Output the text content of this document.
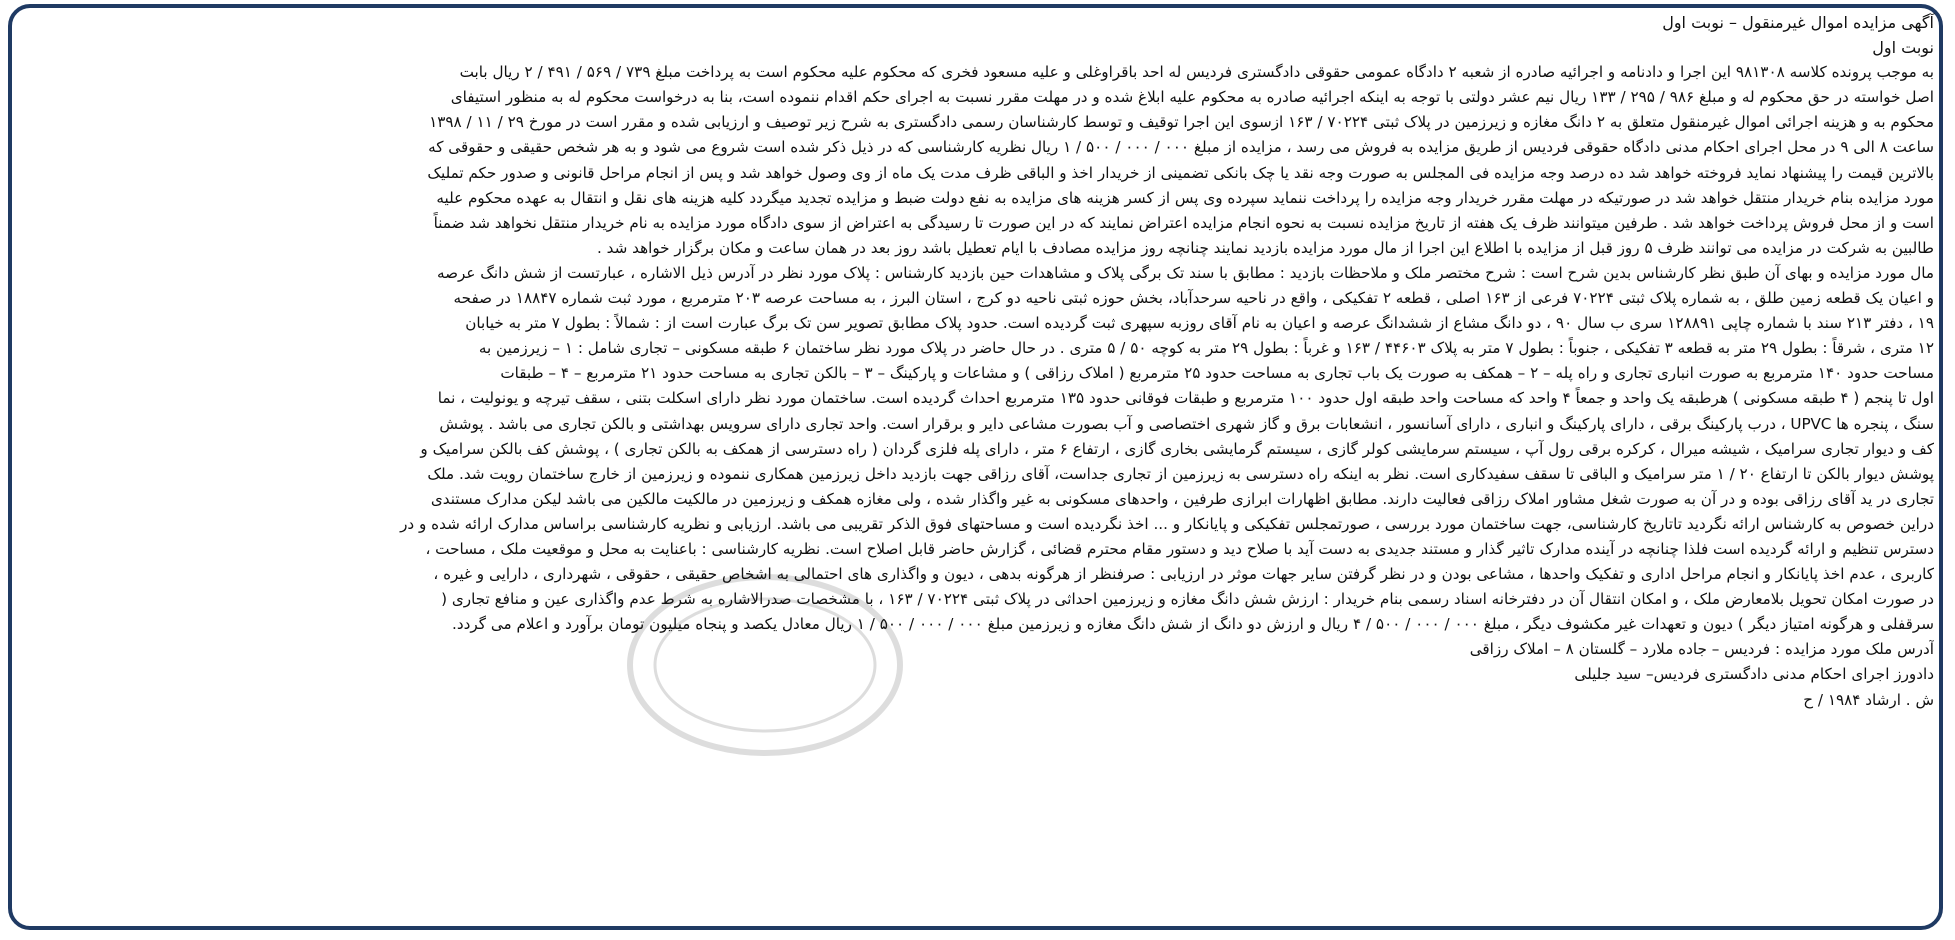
آگهی مزایده اموال غیرمنقول – نوبت اول
نوبت اول
به موجب پرونده کلاسه ۹۸۱۳۰۸ این اجرا و دادنامه و اجرائیه صادره از شعبه ۲ دادگاه عمومی حقوقی دادگستری فردیس له احد باقراوغلی و علیه مسعود فخری که محکوم علیه محکوم است به پرداخت مبلغ ۷۳۹ / ۵۶۹ / ۴۹۱ / ۲ ریال بابت
اصل خواسته در حق محکوم له و مبلغ ۹۸۶ / ۲۹۵ / ۱۳۳ ریال نیم عشر دولتی با توجه به اینکه اجرائیه صادره به محکوم علیه ابلاغ شده و در مهلت مقرر نسبت به اجرای حکم اقدام ننموده است، بنا به درخواست محکوم له به منظور استیفای
محکوم به و هزینه اجرائی اموال غیرمنقول متعلق به ۲ دانگ مغازه و زیرزمین در پلاک ثبتی ۷۰۲۲۴ / ۱۶۳ ازسوی این اجرا توقیف و توسط کارشناسان رسمی دادگستری به شرح زیر توصیف و ارزیابی شده و مقرر است در مورخ ۲۹ / ۱۱ / ۱۳۹۸
ساعت ۸ الی ۹ در محل اجرای احکام مدنی دادگاه حقوقی فردیس از طریق مزایده به فروش می رسد ، مزایده از مبلغ ۰۰۰ / ۰۰۰ / ۵۰۰ / ۱ ریال نظریه کارشناسی که در ذیل ذکر شده است شروع می شود و به هر شخص حقیقی و حقوقی که
بالاترین قیمت را پیشنهاد نماید فروخته خواهد شد ده درصد وجه مزایده فی المجلس به صورت وجه نقد یا چک بانکی تضمینی از خریدار اخذ و الباقی ظرف مدت یک ماه از وی وصول خواهد شد و پس از انجام مراحل قانونی و صدور حکم تملیک
مورد مزایده بنام خریدار منتقل خواهد شد در صورتیکه در مهلت مقرر خریدار وجه مزایده را پرداخت ننماید سپرده وی پس از کسر هزینه های مزایده به نفع دولت ضبط و مزایده تجدید میگردد کلیه هزینه های نقل و انتقال به عهده محکوم علیه
است و از محل فروش پرداخت خواهد شد . طرفین میتوانند ظرف یک هفته از تاریخ مزایده نسبت به نحوه انجام مزایده اعتراض نمایند که در این صورت تا رسیدگی به اعتراض از سوی دادگاه مورد مزایده به نام خریدار منتقل نخواهد شد ضمناً
طالبین به شرکت در مزایده می توانند ظرف ۵ روز قبل از مزایده با اطلاع این اجرا از مال مورد مزایده بازدید نمایند چنانچه روز مزایده مصادف با ایام تعطیل باشد روز بعد در همان ساعت و مکان برگزار خواهد شد .
مال مورد مزایده و بهای آن طبق نظر کارشناس بدین شرح است : شرح مختصر ملک و ملاحظات بازدید : مطابق با سند تک برگی پلاک و مشاهدات حین بازدید کارشناس : پلاک مورد نظر در آدرس ذیل الاشاره ، عبارتست از شش دانگ عرصه
و اعیان یک قطعه زمین طلق ، به شماره پلاک ثبتی ۷۰۲۲۴ فرعی از ۱۶۳ اصلی ، قطعه ۲ تفکیکی ، واقع در ناحیه سرحدآباد، بخش حوزه ثبتی ناحیه دو کرج ، استان البرز ، به مساحت عرصه ۲۰۳ مترمربع ، مورد ثبت شماره ۱۸۸۴۷ در صفحه
۱۹ ، دفتر ۲۱۳ سند با شماره چاپی ۱۲۸۸۹۱ سری ب سال ۹۰ ، دو دانگ مشاع از ششدانگ عرصه و اعیان به نام آقای روزبه سپهری ثبت گردیده است. حدود پلاک مطابق تصویر سن تک برگ عبارت است از : شمالاً : بطول ۷ متر به خیابان
۱۲ متری ، شرقاً : بطول ۲۹ متر به قطعه ۳ تفکیکی ، جنوباً : بطول ۷ متر به پلاک ۴۴۶۰۳ / ۱۶۳ و غرباً : بطول ۲۹ متر به کوچه ۵۰ / ۵ متری . در حال حاضر در پلاک مورد نظر ساختمان ۶ طبقه مسکونی – تجاری شامل : ۱ – زیرزمین به
مساحت حدود ۱۴۰ مترمربع به صورت انباری تجاری و راه پله – ۲ – همکف به صورت یک باب تجاری به مساحت حدود ۲۵ مترمربع ( املاک رزاقی ) و مشاعات و پارکینگ – ۳ – بالکن تجاری به مساحت حدود ۲۱ مترمربع – ۴ – طبقات
اول تا پنجم ( ۴ طبقه مسکونی ) هرطبقه یک واحد و جمعاً ۴ واحد که مساحت واحد طبقه اول حدود ۱۰۰ مترمربع و طبقات فوقانی حدود ۱۳۵ مترمربع احداث گردیده است. ساختمان مورد نظر دارای اسکلت بتنی ، سقف تیرچه و یونولیت ، نما
سنگ ، پنجره ها UPVC ، درب پارکینگ برقی ، دارای پارکینگ و انباری ، دارای آسانسور ، انشعابات برق و گاز شهری اختصاصی و آب بصورت مشاعی دایر و برقرار است. واحد تجاری دارای سرویس بهداشتی و بالکن تجاری می باشد . پوشش
کف و دیوار تجاری سرامیک ، شیشه میرال ، کرکره برقی رول آپ ، سیستم سرمایشی کولر گازی ، سیستم گرمایشی بخاری گازی ، ارتفاع ۶ متر ، دارای پله فلزی گردان ( راه دسترسی از همکف به بالکن تجاری ) ، پوشش کف بالکن سرامیک و
پوشش دیوار بالکن تا ارتفاع ۲۰ / ۱ متر سرامیک و الباقی تا سقف سفیدکاری است. نظر به اینکه راه دسترسی به زیرزمین از تجاری جداست، آقای رزاقی جهت بازدید داخل زیرزمین همکاری ننموده و زیرزمین از خارج ساختمان رویت شد. ملک
تجاری در ید آقای رزاقی بوده و در آن به صورت شغل مشاور املاک رزاقی فعالیت دارند. مطابق اظهارات ابرازی طرفین ، واحدهای مسکونی به غیر واگذار شده ، ولی مغازه همکف و زیرزمین در مالکیت مالکین می باشد لیکن مدارک مستندی
دراین خصوص به کارشناس ارائه نگردید تاتاریخ کارشناسی، جهت ساختمان مورد بررسی ، صورتمجلس تفکیکی و پایانکار و ... اخذ نگردیده است و مساحتهای فوق الذکر تقریبی می باشد. ارزیابی و نظریه کارشناسی براساس مدارک ارائه شده و در
دسترس تنظیم و ارائه گردیده است فلذا چنانچه در آینده مدارک تاثیر گذار و مستند جدیدی به دست آید با صلاح دید و دستور مقام محترم قضائی ، گزارش حاضر قابل اصلاح است. نظریه کارشناسی : باعنایت به محل و موقعیت ملک ، مساحت ،
کاربری ، عدم اخذ پایانکار و انجام مراحل اداری و تفکیک واحدها ، مشاعی بودن و در نظر گرفتن سایر جهات موثر در ارزیابی : صرفنظر از هرگونه بدهی ، دیون و واگذاری های احتمالی به اشخاص حقیقی ، حقوقی ، شهرداری ، دارایی و غیره ،
در صورت امکان تحویل بلامعارض ملک ، و امکان انتقال آن در دفترخانه اسناد رسمی بنام خریدار : ارزش شش دانگ مغازه و زیرزمین احداثی در پلاک ثبتی ۷۰۲۲۴ / ۱۶۳ ، با مشخصات صدرالاشاره به شرط عدم واگذاری عین و منافع تجاری (
سرقفلی و هرگونه امتیاز دیگر ) دیون و تعهدات غیر مکشوف دیگر ، مبلغ ۰۰۰ / ۰۰۰ / ۵۰۰ / ۴ ریال و ارزش دو دانگ از شش دانگ مغازه و زیرزمین مبلغ ۰۰۰ / ۰۰۰ / ۵۰۰ / ۱ ریال معادل یکصد و پنجاه میلیون تومان برآورد و اعلام می گردد.
آدرس ملک مورد مزایده : فردیس – جاده ملارد – گلستان ۸ – املاک رزاقی
دادورز اجرای احکام مدنی دادگستری فردیس– سید جلیلی
ش . ارشاد ۱۹۸۴ / ح
